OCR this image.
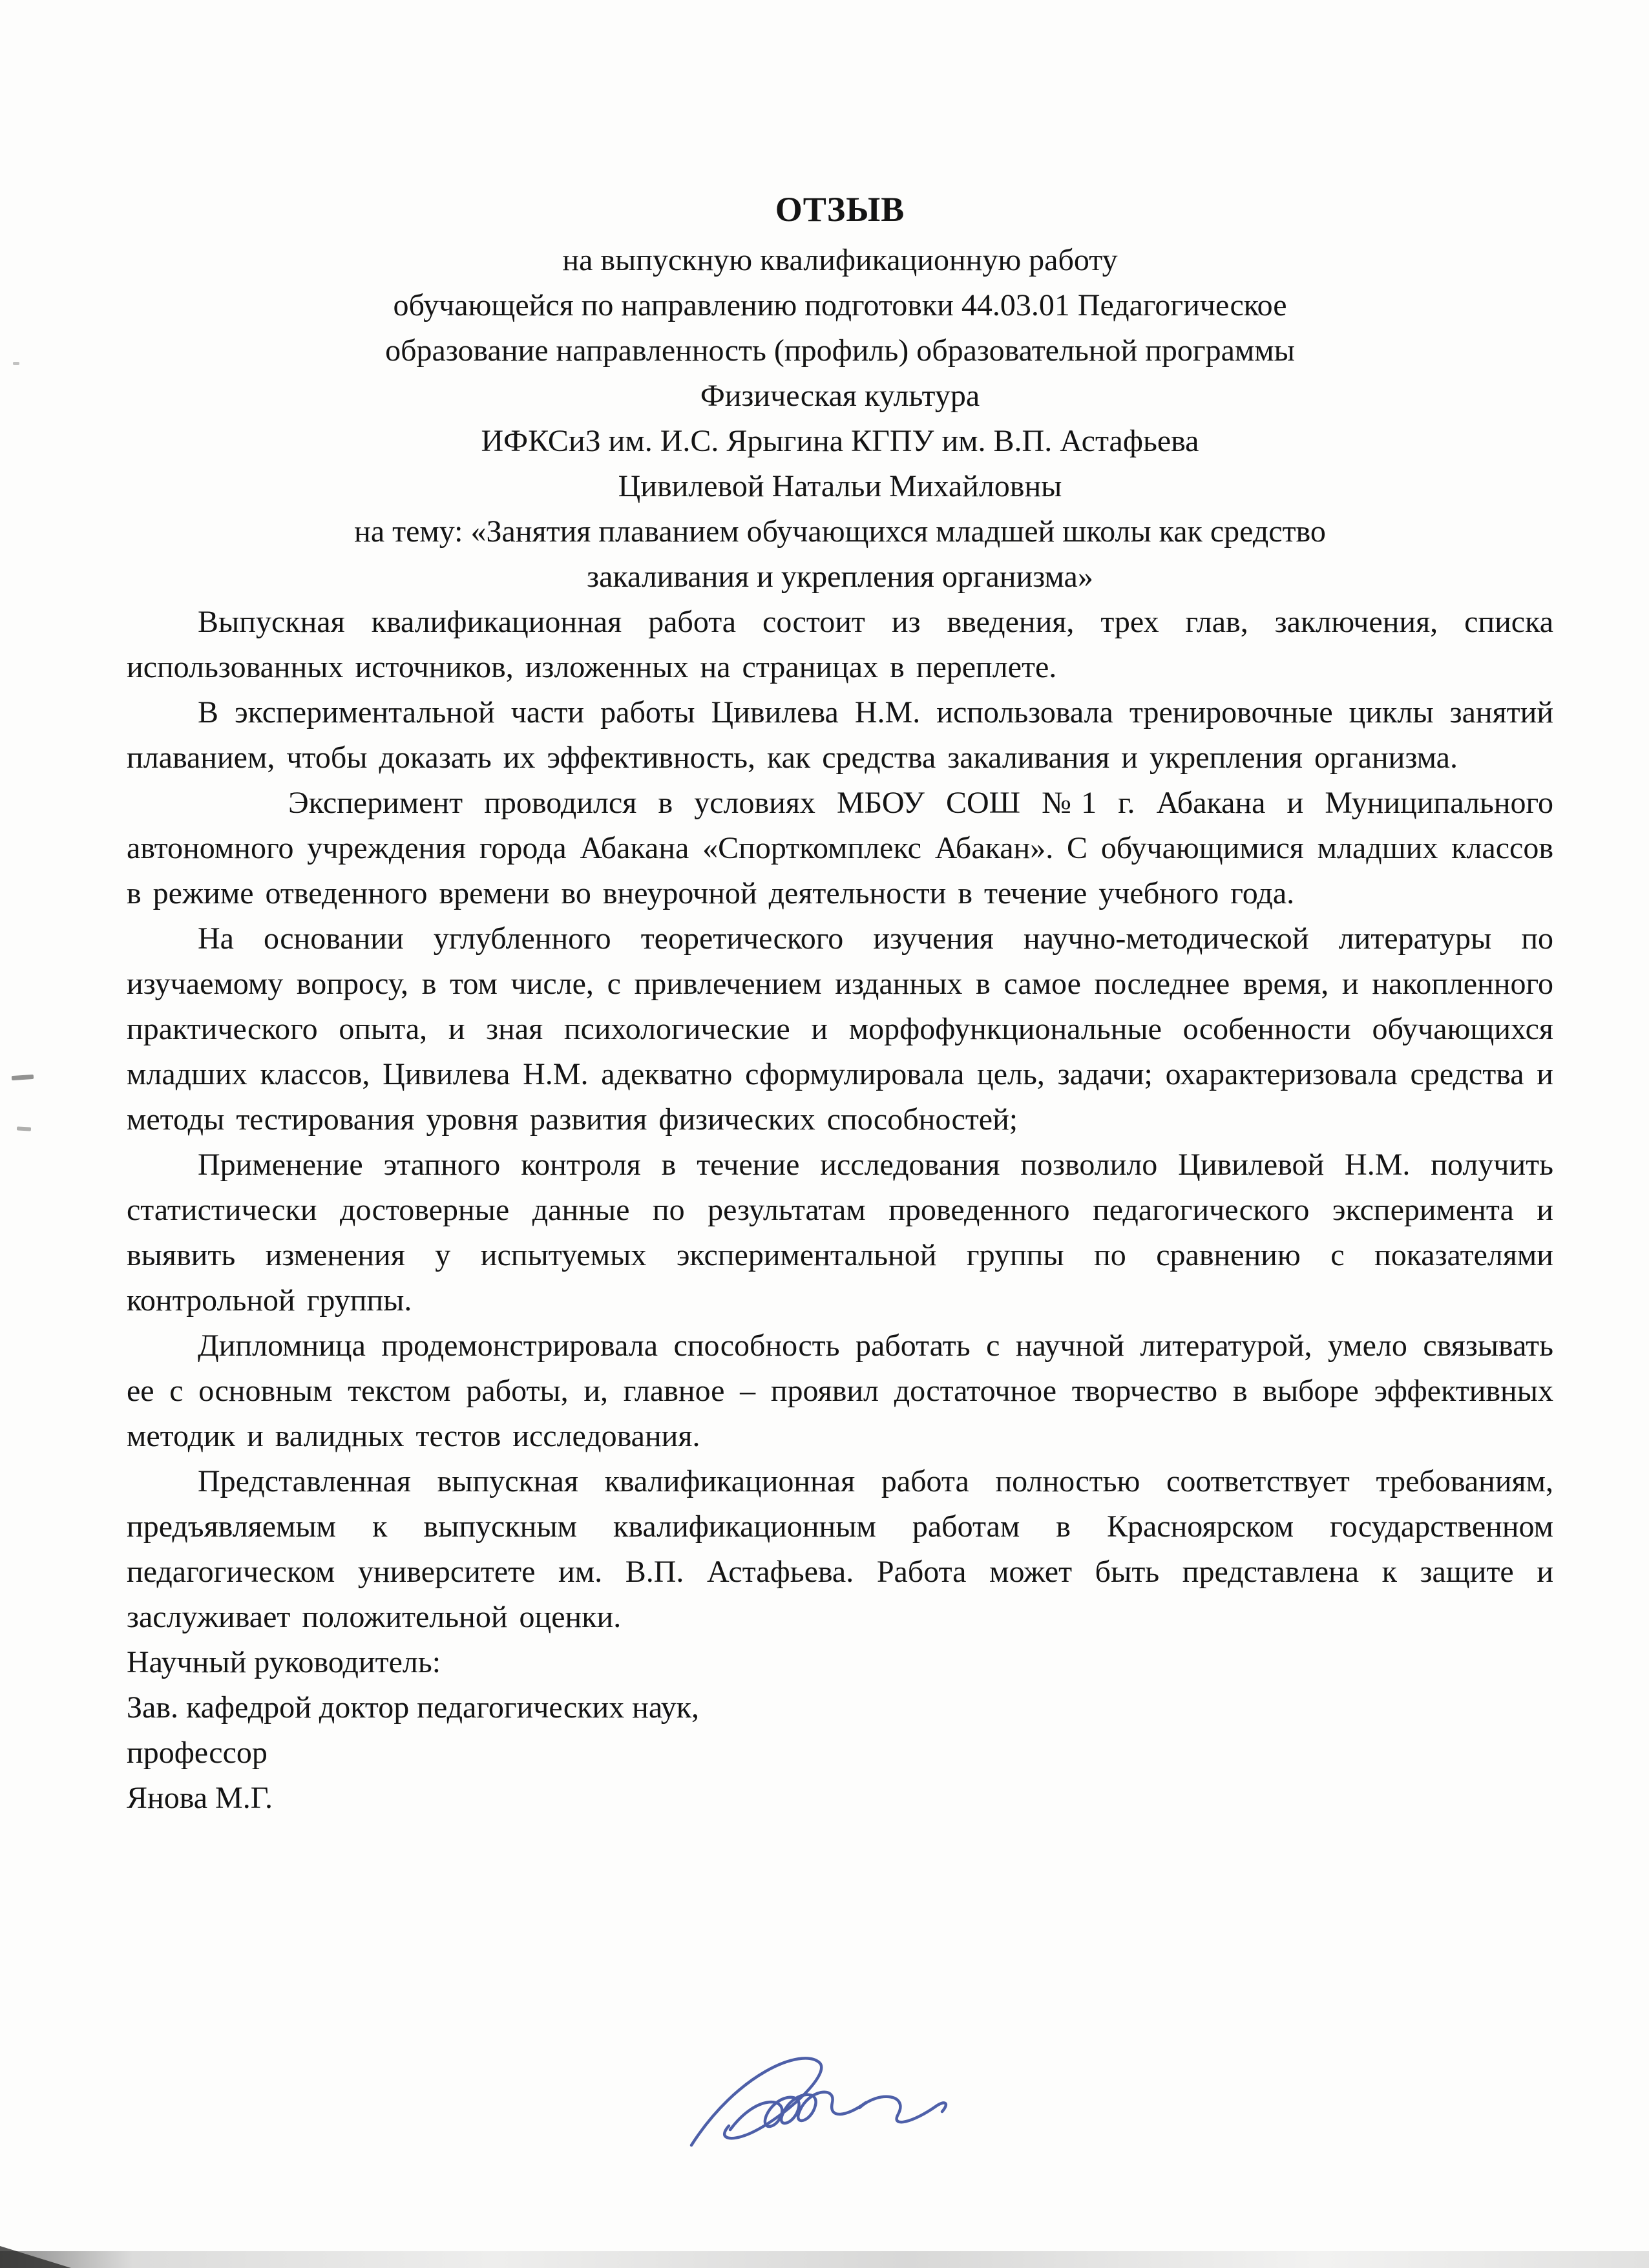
ОТЗЫВ

на выпускную квалификационную работу

обучающейся по направлению подготовки 44.03.01 Педагогическое

образование направленность (профиль) образовательной программы

Физическая культура

ИФКСиЗ им. И.С. Ярыгина КГПУ им. В.П. Астафьева

Цивилевой Натальи Михайловны

на тему: «Занятия плаванием обучающихся младшей школы как средство

закаливания и укрепления организма»

Выпускная квалификационная работа состоит из введения, трех глав, заключения, списка использованных источников, изложенных на страницах в переплете.

В экспериментальной части работы Цивилева Н.М. использовала тренировочные циклы занятий плаванием, чтобы доказать их эффективность, как средства закаливания и укрепления организма.

Эксперимент проводился в условиях МБОУ СОШ №1 г. Абакана и Муниципального автономного учреждения города Абакана «Спорткомплекс Абакан». С обучающимися младших классов в режиме отведенного времени во внеурочной деятельности в течение учебного года.

На основании углубленного теоретического изучения научно-методической литературы по изучаемому вопросу, в том числе, с привлечением изданных в самое последнее время, и накопленного практического опыта, и зная психологические и морфофункциональные особенности обучающихся младших классов, Цивилева Н.М. адекватно сформулировала цель, задачи; охарактеризовала средства и методы тестирования уровня развития физических способностей;

Применение этапного контроля в течение исследования позволило Цивилевой Н.М. получить статистически достоверные данные по результатам проведенного педагогического эксперимента и выявить изменения у испытуемых экспериментальной группы по сравнению с показателями контрольной группы.

Дипломница продемонстрировала способность работать с научной литературой, умело связывать ее с основным текстом работы, и, главное – проявил достаточное творчество в выборе эффективных методик и валидных тестов исследования.

Представленная выпускная квалификационная работа полностью соответствует требованиям, предъявляемым к выпускным квалификационным работам в Красноярском государственном педагогическом университете им. В.П. Астафьева. Работа может быть представлена к защите и заслуживает положительной оценки.

Научный руководитель:

Зав. кафедрой доктор педагогических наук,

профессор

Янова М.Г.
